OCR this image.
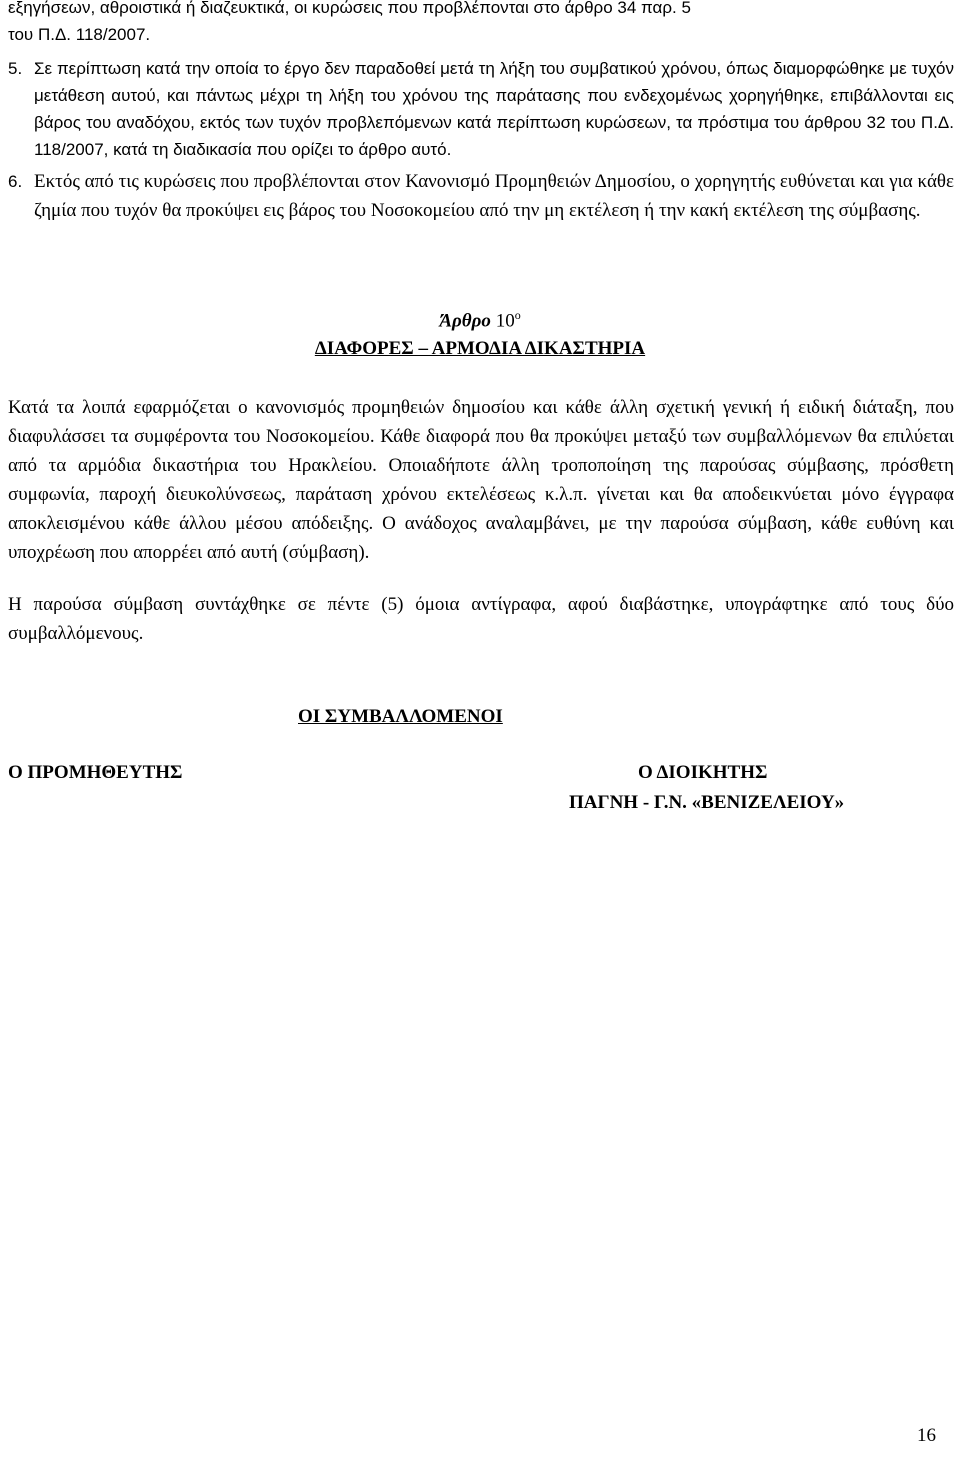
εξηγήσεων, αθροιστικά ή διαζευκτικά, οι κυρώσεις που προβλέπονται στο άρθρο 34 παρ. 5
του Π.Δ. 118/2007.
5. Σε περίπτωση κατά την οποία το έργο δεν παραδοθεί μετά τη λήξη του συμβατικού χρόνου, όπως διαμορφώθηκε με τυχόν μετάθεση αυτού, και πάντως μέχρι τη λήξη του χρόνου της παράτασης που ενδεχομένως χορηγήθηκε, επιβάλλονται εις βάρος του αναδόχου, εκτός των τυχόν προβλεπόμενων κατά περίπτωση κυρώσεων, τα πρόστιμα του άρθρου 32 του Π.Δ. 118/2007, κατά τη διαδικασία που ορίζει το άρθρο αυτό.
6. Εκτός από τις κυρώσεις που προβλέπονται στον Κανονισμό Προμηθειών Δημοσίου, ο χορηγητής ευθύνεται και για κάθε ζημία που τυχόν θα προκύψει εις βάρος του Νοσοκομείου από την μη εκτέλεση ή την κακή εκτέλεση της σύμβασης.
Άρθρο $10^o$
ΔΙΑΦΟΡΕΣ – ΑΡΜΟΔΙΑ ΔΙΚΑΣΤΗΡΙΑ
Κατά τα λοιπά εφαρμόζεται ο κανονισμός προμηθειών δημοσίου και κάθε άλλη σχετική γενική ή ειδική διάταξη, που διαφυλάσσει τα συμφέροντα του Νοσοκομείου. Κάθε διαφορά που θα προκύψει μεταξύ των συμβαλλόμενων θα επιλύεται από τα αρμόδια δικαστήρια του Ηρακλείου. Οποιαδήποτε άλλη τροποποίηση της παρούσας σύμβασης, πρόσθετη συμφωνία, παροχή διευκολύνσεως, παράταση χρόνου εκτελέσεως κ.λ.π. γίνεται και θα αποδεικνύεται μόνο έγγραφα αποκλεισμένου κάθε άλλου μέσου απόδειξης. Ο ανάδοχος αναλαμβάνει, με την παρούσα σύμβαση, κάθε ευθύνη και υποχρέωση που απορρέει από αυτή (σύμβαση).
Η παρούσα σύμβαση συντάχθηκε σε πέντε (5) όμοια αντίγραφα, αφού διαβάστηκε, υπογράφτηκε από τους δύο συμβαλλόμενους.
ΟΙ ΣΥΜΒΑΛΛΟΜΕΝΟΙ
Ο ΠΡΟΜΗΘΕΥΤΗΣ	Ο ΔΙΟΙΚΗΤΗΣ
ΠΑΓΝΗ - Γ.Ν. «ΒΕΝΙΖΕΛΕΙΟΥ»
16
